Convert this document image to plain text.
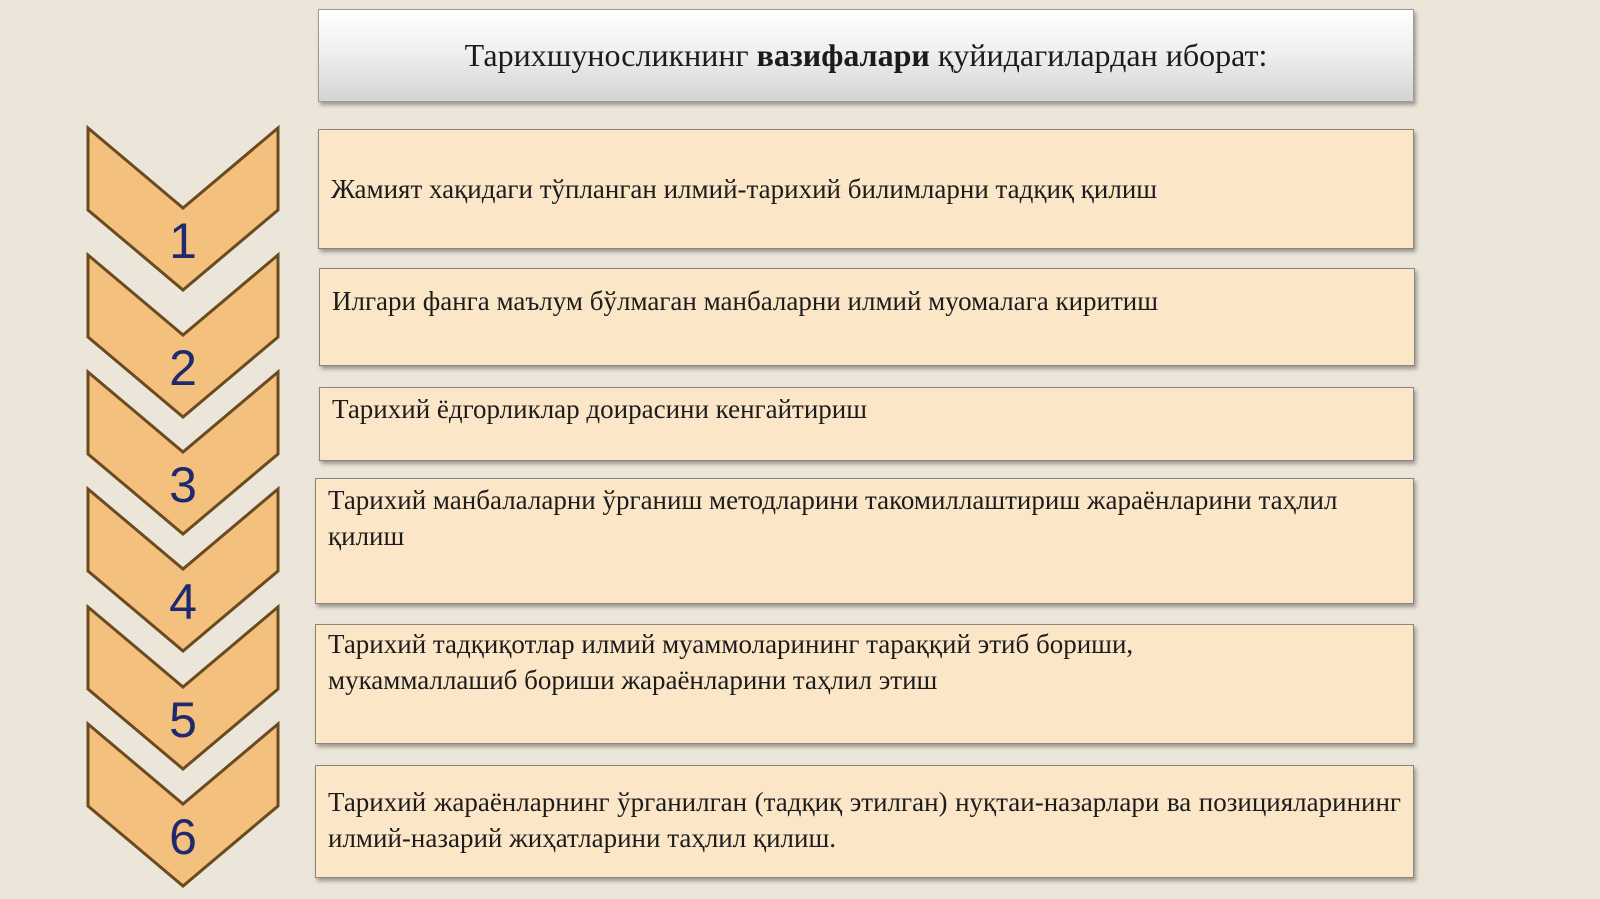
1
2
3
4
5
6
Тарихшуносликнинг вазифалари қуйидагилардан иборат:
Жамият хақидаги тўпланган илмий-тарихий билимларни тадқиқ қилиш
Илгари фанга маълум бўлмаган манбаларни илмий муомалага киритиш
Тарихий ёдгорликлар доирасини кенгайтириш
Тарихий манбалаларни ўрганиш методларини такомиллаштириш жараёнларини таҳлил қилиш
Тарихий тадқиқотлар илмий муаммоларининг тараққий этиб бориши, мукаммаллашиб бориши жараёнларини таҳлил этиш
Тарихий жараёнларнинг ўрганилган (тадқиқ этилган) нуқтаи-назарлари ва позицияларининг илмий-назарий жиҳатларини таҳлил қилиш.
